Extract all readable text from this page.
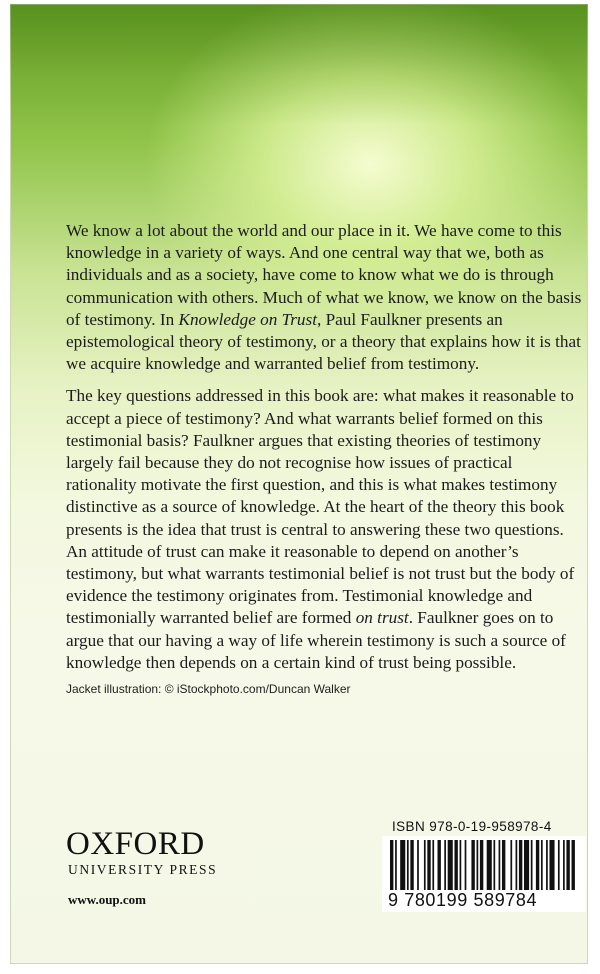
We know a lot about the world and our place in it. We have come to this knowledge in a variety of ways. And one central way that we, both as individuals and as a society, have come to know what we do is through communication with others. Much of what we know, we know on the basis of testimony. In Knowledge on Trust, Paul Faulkner presents an epistemological theory of testimony, or a theory that explains how it is that we acquire knowledge and warranted belief from testimony.

The key questions addressed in this book are: what makes it reasonable to accept a piece of testimony? And what warrants belief formed on this testimonial basis? Faulkner argues that existing theories of testimony largely fail because they do not recognise how issues of practical rationality motivate the first question, and this is what makes testimony distinctive as a source of knowledge. At the heart of the theory this book presents is the idea that trust is central to answering these two questions. An attitude of trust can make it reasonable to depend on another’s testimony, but what warrants testimonial belief is not trust but the body of evidence the testimony originates from. Testimonial knowledge and testimonially warranted belief are formed on trust. Faulkner goes on to argue that our having a way of life wherein testimony is such a source of knowledge then depends on a certain kind of trust being possible.

Jacket illustration: © iStockphoto.com/Duncan Walker
OXFORD
UNIVERSITY PRESS
www.oup.com
ISBN 978-0-19-958978-4
9 780199 589784
